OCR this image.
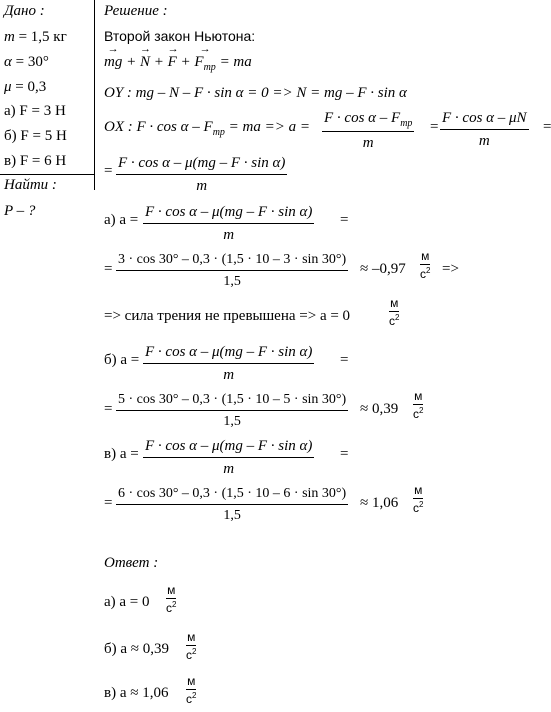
Дано :
m = 1,5 кг
α = 30°
μ = 0,3
а) F = 3 Н
б) F = 5 Н
в) F = 6 Н
Найти :
P – ?
Решение :
Второй закон Ньютона:
→ mg + → N + → F + → $F_{тр}$ = ma
OY : mg – N – F · sin α = 0 => N = mg – F · sin α
OX : $F \cdot \cos \alpha - F_{тр}$ = ma => a =
$F \cdot \cos \alpha - F_{тр}$
m
= $\frac{\text{F · cos α – μN}}{m}$ =
= $\frac{\text{F · cos α – μ(mg – F · sin α)}}{m}$
а) $a = \frac{\text{F · cos α – μ(mg – F · sin α)}}{m}$ =
= $\frac{3 \cdot \cos 30^\circ - 0,3 \cdot (1,5 \cdot 10 - 3 \cdot \sin 30^\circ)}{1,5} \approx -0,97$
м
$с^2$ =>
=> сила трения не превышена => a = 0
м
$с^2$
б) $a = \frac{\text{F · cos α – μ(mg – F · sin α)}}{m}$ =
= $\frac{5 \cdot \cos 30^\circ - 0,3 \cdot (1,5 \cdot 10 - 5 \cdot \sin 30^\circ)}{1,5} \approx 0,39$
м
$с^2$
в) $a = \frac{\text{F · cos α – μ(mg – F · sin α)}}{m}$ =
= $\frac{6 \cdot \cos 30^\circ - 0,3 \cdot (1,5 \cdot 10 - 6 \cdot \sin 30^\circ)}{1,5} \approx 1,06$
м
$с^2$
Ответ :
а) a = 0
м
$с^2$
б) a ≈ 0,39
м
$с^2$
в) a ≈ 1,06
м
$с^2$
